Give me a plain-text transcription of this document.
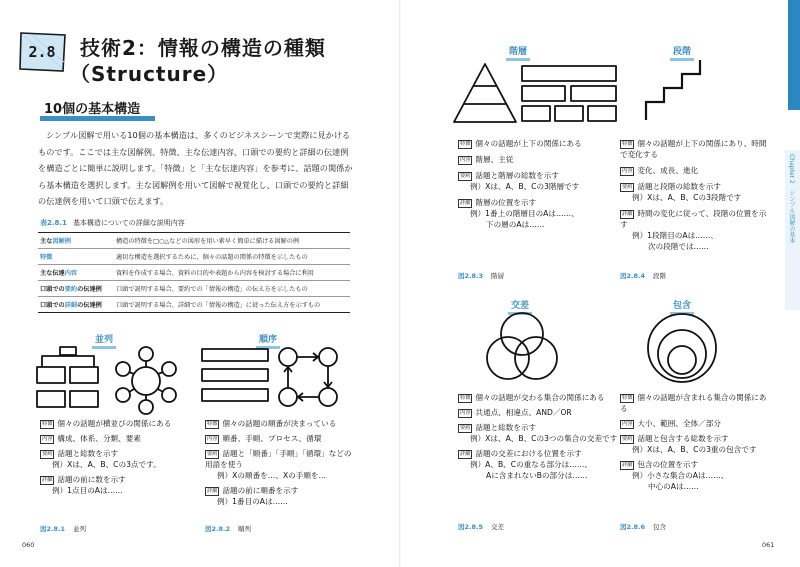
2.8	技術2：情報の構造の種類
（Structure）
10個の基本構造

シンプル図解で用いる10個の基本構造は、多くのビジネスシーンで実際に見かけるものです。ここでは主な図解例、特徴、主な伝達内容、口頭での要約と詳細の伝達例を構造ごとに簡単に説明します。「特徴」と「主な伝達内容」を参考に、話題の関係から基本構造を選択します。主な図解例を用いて図解で視覚化し、口頭での要約と詳細の伝達例を用いて口頭で伝えます。

表2.8.1 基本構造についての詳細な説明内容
主な図解例	構造の特徴を□○△などの図形を用い素早く簡単に描ける図解の例
特徴	適切な構造を選択するために、個々の話題の関係の特徴を示したもの
主な伝達内容	資料を作成する場合、資料の目的や表題から内容を検討する場合に利用
口頭での要約の伝達例	口頭で説明する場合、要約での「情報の構造」の伝え方を示したもの
口頭での詳細の伝達例	口頭で説明する場合、詳細での「情報の構造」に従った伝え方を示すもの
並列
特徴 個々の話題が横並びの関係にある
内容 構成、体系、分類、要素
要約 話題と総数を示す
例）Xは、A、B、Cの3点です。
詳細 話題の前に数を示す
例）1点目のAは……
図2.8.1 並列
順序
特徴 個々の話題の順番が決まっている
内容 順番、手順、プロセス、循環
要約 話題と「順番」「手順」「循環」などの用語を使う
例）Xの順番を…、Xの手順を…
詳細 話題の前に順番を示す
例）1番目のAは……
図2.8.2 順列
060
階層
特徴 個々の話題が上下の関係にある
内容 階層、主従
要約 話題と階層の総数を示す
例）Xは、A、B、Cの3階層です
詳細 階層の位置を示す
例）1番上の階層目のAは……、
下の層のAは……
図2.8.3 階層
段階
特徴 個々の話題が上下の関係にあり、時間で変化する
内容 変化、成長、進化
要約 話題と段階の総数を示す
例）Xは、A、B、Cの3段階です
詳細 時間の変化に従って、段階の位置を示す
例）1段階目のAは……、
次の段階では……
図2.8.4 段階
交差
特徴 個々の話題が交わる集合の関係にある
内容 共通点、相違点、AND／OR
要約 話題と総数を示す
例）Xは、A、B、Cの3つの集合の交差です
詳細 話題の交差における位置を示す
例）A、B、Cの重なる部分は……、
Aに含まれないBの部分は……
図2.8.5 交差
包含
特徴 個々の話題が含まれる集合の関係にある
内容 大小、範囲、全体／部分
要約 話題と包含する総数を示す
例）Xは、A、B、Cの3重の包含です
詳細 包含の位置を示す
例）小さな集合のAは……、
中心のAは……
図2.8.6 包含
061
Chapter 2　シンプル図解の基本
